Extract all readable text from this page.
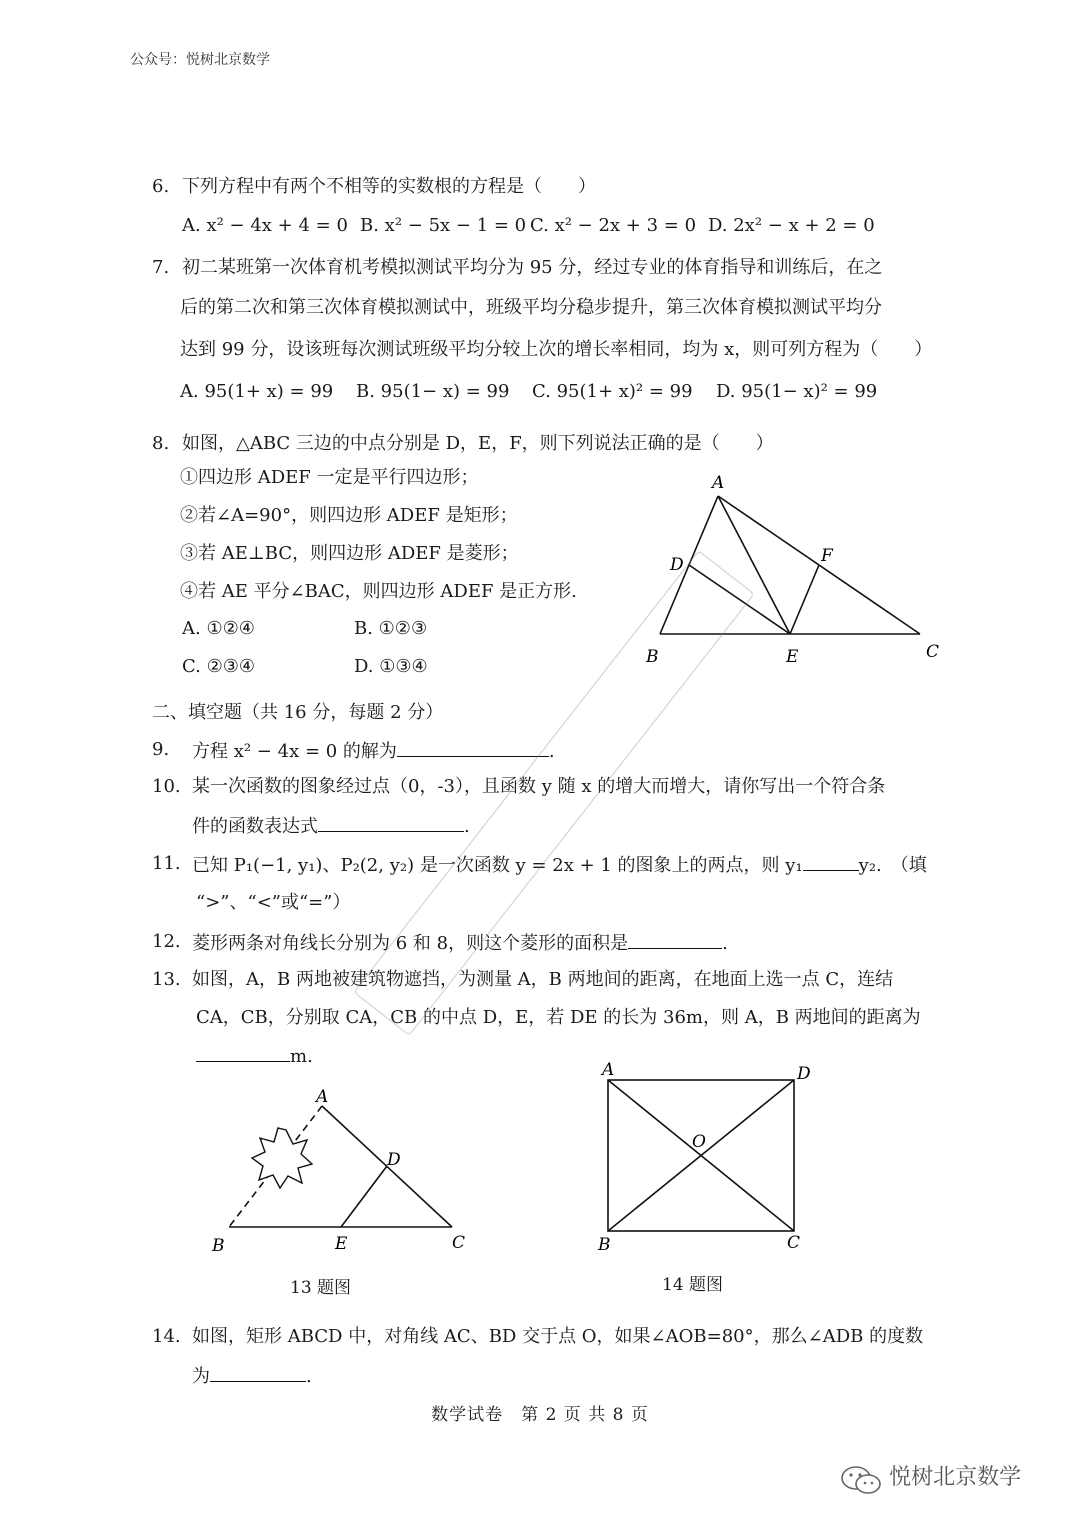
公众号：悦树北京数学
6. 下列方程中有两个不相等的实数根的方程是（　　）
A. x² − 4x + 4 = 0 B. x² − 5x − 1 = 0 C. x² − 2x + 3 = 0 D. 2x² − x + 2 = 0
7. 初二某班第一次体育机考模拟测试平均分为 95 分，经过专业的体育指导和训练后，在之
后的第二次和第三次体育模拟测试中，班级平均分稳步提升，第三次体育模拟测试平均分
达到 99 分，设该班每次测试班级平均分较上次的增长率相同，均为 x，则可列方程为（　　）
A. 95(1+ x) = 99 B. 95(1− x) = 99 C. 95(1+ x)² = 99 D. 95(1− x)² = 99
8. 如图，△ABC 三边的中点分别是 D，E，F，则下列说法正确的是（　　）
①四边形 ADEF 一定是平行四边形；
②若∠A=90°，则四边形 ADEF 是矩形；
③若 AE⊥BC，则四边形 ADEF 是菱形；
④若 AE 平分∠BAC，则四边形 ADEF 是正方形.
A. ①②④	B. ①②③
C. ②③④	D. ①③④
A
B	C
D
E
F
二、填空题（共 16 分，每题 2 分）
9. 方程 x² − 4x = 0 的解为	.
10. 某一次函数的图象经过点（0，-3），且函数 y 随 x 的增大而增大，请你写出一个符合条
件的函数表达式	.
11. 已知 P₁(−1, y₁)、P₂(2, y₂) 是一次函数 y = 2x + 1 的图象上的两点，则 y₁	y₂.　（填
“>”、“<”或“=”）
12. 菱形两条对角线长分别为 6 和 8，则这个菱形的面积是	.
13. 如图，A，B 两地被建筑物遮挡，为测量 A，B 两地间的距离，在地面上选一点 C，连结
CA，CB，分别取 CA，CB 的中点 D，E，若 DE 的长为 36m，则 A，B 两地间的距离为
m.
A
B	C
D
E
13 题图
A	D
B	C
O
14 题图
14. 如图，矩形 ABCD 中，对角线 AC、BD 交于点 O，如果∠AOB=80°，那么∠ADB 的度数
为	.
数学试卷　第 2 页 共 8 页
悦树北京数学
